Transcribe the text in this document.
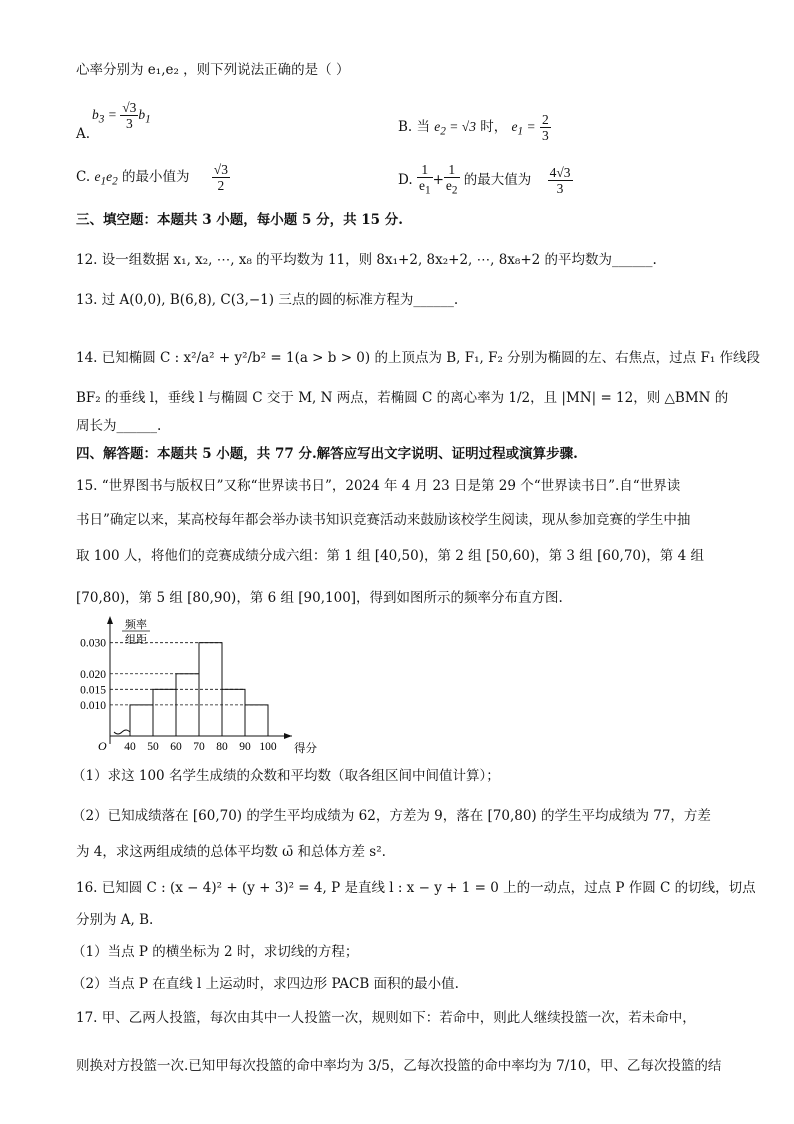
心率分别为 e₁,e₂ ，则下列说法正确的是（ ）
$b_3 = \frac{√3}{3} b_1$
A.	B. 当 $e_2 = √3$ 时， $e_1 = \frac{2}{3}$
C. $e_1e_2$ 的最小值为 $\frac{√3}{2}$	D. $\frac{1}{e_1} + \frac{1}{e_2}$ 的最大值为 $\frac{4√3}{3}$
三、填空题：本题共 3 小题，每小题 5 分，共 15 分.
12. 设一组数据 x₁, x₂, ⋯, x₈ 的平均数为 11，则 8x₁+2, 8x₂+2, ⋯, 8x₈+2 的平均数为______.
13. 过 A(0,0), B(6,8), C(3,−1) 三点的圆的标准方程为______.
14. 已知椭圆 C : x²/a² + y²/b² = 1(a > b > 0) 的上顶点为 B, F₁, F₂ 分别为椭圆的左、右焦点，过点 F₁ 作线段
BF₂ 的垂线 l，垂线 l 与椭圆 C 交于 M, N 两点，若椭圆 C 的离心率为 1/2，且 |MN| = 12，则 △BMN 的
周长为______.
四、解答题：本题共 5 小题，共 77 分.解答应写出文字说明、证明过程或演算步骤.
15. “世界图书与版权日”又称“世界读书日”，2024 年 4 月 23 日是第 29 个“世界读书日”.自“世界读
书日”确定以来，某高校每年都会举办读书知识竞赛活动来鼓励该校学生阅读，现从参加竞赛的学生中抽
取 100 人，将他们的竞赛成绩分成六组：第 1 组 [40,50)，第 2 组 [50,60)，第 3 组 [60,70)，第 4 组
[70,80)，第 5 组 [80,90)，第 6 组 [90,100]，得到如图所示的频率分布直方图.
0.030
0.020
0.015
0.010
40 50 60 70 80 90 100
O	得分
频率
组距
（1）求这 100 名学生成绩的众数和平均数（取各组区间中间值计算）；
（2）已知成绩落在 [60,70) 的学生平均成绩为 62，方差为 9，落在 [70,80) 的学生平均成绩为 77，方差
为 4，求这两组成绩的总体平均数 ω̄ 和总体方差 s².
16. 已知圆 C : (x − 4)² + (y + 3)² = 4, P 是直线 l : x − y + 1 = 0 上的一动点，过点 P 作圆 C 的切线，切点
分别为 A, B.
（1）当点 P 的横坐标为 2 时，求切线的方程；
（2）当点 P 在直线 l 上运动时，求四边形 PACB 面积的最小值.
17. 甲、乙两人投篮，每次由其中一人投篮一次，规则如下：若命中，则此人继续投篮一次，若未命中，
则换对方投篮一次.已知甲每次投篮的命中率均为 3/5，乙每次投篮的命中率均为 7/10，甲、乙每次投篮的结
